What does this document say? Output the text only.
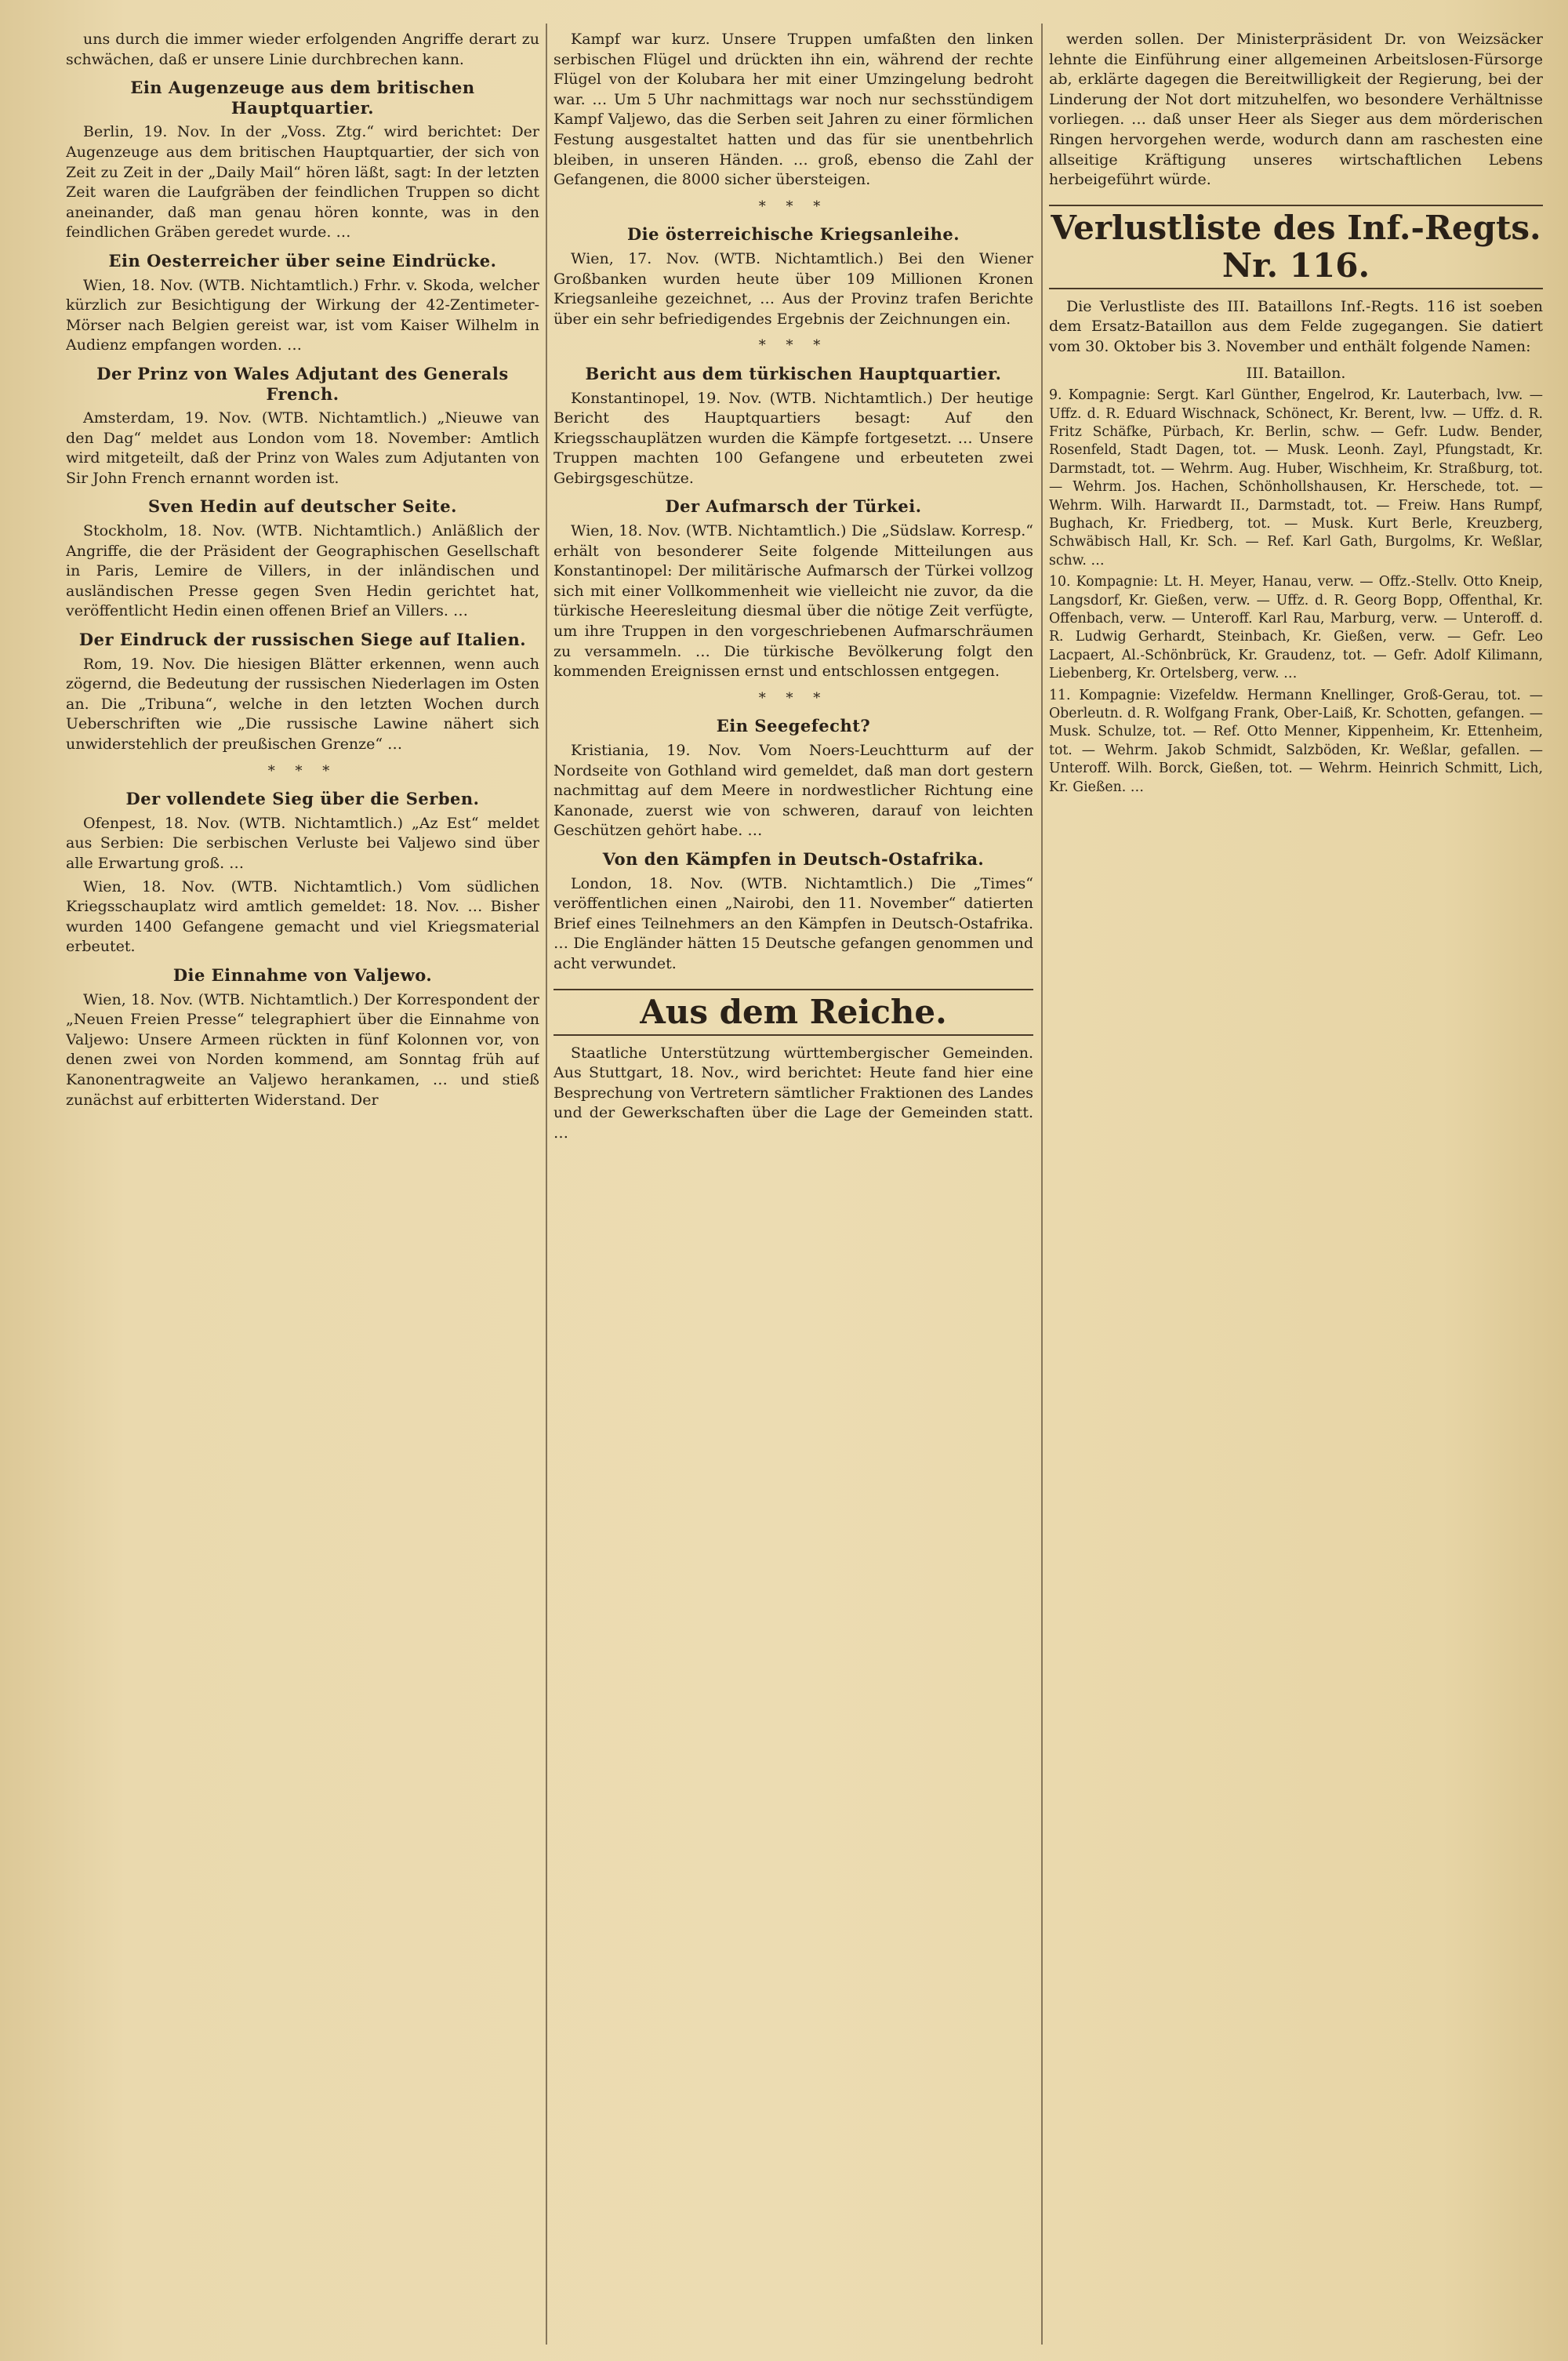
uns durch die immer wieder erfolgenden Angriffe derart zu schwächen, daß er unsere Linie durchbrechen kann.

Ein Augenzeuge aus dem britischen Hauptquartier.

Berlin, 19. Nov. In der „Voss. Ztg.“ wird berichtet: Der Augenzeuge aus dem britischen Hauptquartier, der sich von Zeit zu Zeit in der „Daily Mail“ hören läßt, sagt: In der letzten Zeit waren die Laufgräben der feindlichen Truppen so dicht aneinander, daß man genau hören konnte, was in den feindlichen Gräben geredet wurde. …

Ein Oesterreicher über seine Eindrücke.

Wien, 18. Nov. (WTB. Nichtamtlich.) Frhr. v. Skoda, welcher kürzlich zur Besichtigung der Wirkung der 42-Zentimeter-Mörser nach Belgien gereist war, ist vom Kaiser Wilhelm in Audienz empfangen worden. …

Der Prinz von Wales Adjutant des Generals French.

Amsterdam, 19. Nov. (WTB. Nichtamtlich.) „Nieuwe van den Dag“ meldet aus London vom 18. November: Amtlich wird mitgeteilt, daß der Prinz von Wales zum Adjutanten von Sir John French ernannt worden ist.

Sven Hedin auf deutscher Seite.

Stockholm, 18. Nov. (WTB. Nichtamtlich.) Anläßlich der Angriffe, die der Präsident der Geographischen Gesellschaft in Paris, Lemire de Villers, in der inländischen und ausländischen Presse gegen Sven Hedin gerichtet hat, veröffentlicht Hedin einen offenen Brief an Villers. …

Der Eindruck der russischen Siege auf Italien.

Rom, 19. Nov. Die hiesigen Blätter erkennen, wenn auch zögernd, die Bedeutung der russischen Niederlagen im Osten an. Die „Tribuna“, welche in den letzten Wochen durch Ueberschriften wie „Die russische Lawine nähert sich unwiderstehlich der preußischen Grenze“ …

* * *
Der vollendete Sieg über die Serben.

Ofenpest, 18. Nov. (WTB. Nichtamtlich.) „Az Est“ meldet aus Serbien: Die serbischen Verluste bei Valjewo sind über alle Erwartung groß. …

Wien, 18. Nov. (WTB. Nichtamtlich.) Vom südlichen Kriegsschauplatz wird amtlich gemeldet: 18. Nov. … Bisher wurden 1400 Gefangene gemacht und viel Kriegsmaterial erbeutet.

Die Einnahme von Valjewo.

Wien, 18. Nov. (WTB. Nichtamtlich.) Der Korrespondent der „Neuen Freien Presse“ telegraphiert über die Einnahme von Valjewo: Unsere Armeen rückten in fünf Kolonnen vor, von denen zwei von Norden kommend, am Sonntag früh auf Kanonentragweite an Valjewo herankamen, … und stieß zunächst auf erbitterten Widerstand. Der

Kampf war kurz. Unsere Truppen umfaßten den linken serbischen Flügel und drückten ihn ein, während der rechte Flügel von der Kolubara her mit einer Umzingelung bedroht war. … Um 5 Uhr nachmittags war noch nur sechsstündigem Kampf Valjewo, das die Serben seit Jahren zu einer förmlichen Festung ausgestaltet hatten und das für sie unentbehrlich bleiben, in unseren Händen. … groß, ebenso die Zahl der Gefangenen, die 8000 sicher übersteigen.

* * *
Die österreichische Kriegsanleihe.

Wien, 17. Nov. (WTB. Nichtamtlich.) Bei den Wiener Großbanken wurden heute über 109 Millionen Kronen Kriegsanleihe gezeichnet, … Aus der Provinz trafen Berichte über ein sehr befriedigendes Ergebnis der Zeichnungen ein.

* * *
Bericht aus dem türkischen Hauptquartier.

Konstantinopel, 19. Nov. (WTB. Nichtamtlich.) Der heutige Bericht des Hauptquartiers besagt: Auf den Kriegsschauplätzen wurden die Kämpfe fortgesetzt. … Unsere Truppen machten 100 Gefangene und erbeuteten zwei Gebirgsgeschütze.

Der Aufmarsch der Türkei.

Wien, 18. Nov. (WTB. Nichtamtlich.) Die „Südslaw. Korresp.“ erhält von besonderer Seite folgende Mitteilungen aus Konstantinopel: Der militärische Aufmarsch der Türkei vollzog sich mit einer Vollkommenheit wie vielleicht nie zuvor, da die türkische Heeresleitung diesmal über die nötige Zeit verfügte, um ihre Truppen in den vorgeschriebenen Aufmarschräumen zu versammeln. … Die türkische Bevölkerung folgt den kommenden Ereignissen ernst und entschlossen entgegen.

* * *
Ein Seegefecht?

Kristiania, 19. Nov. Vom Noers-Leuchtturm auf der Nordseite von Gothland wird gemeldet, daß man dort gestern nachmittag auf dem Meere in nordwestlicher Richtung eine Kanonade, zuerst wie von schweren, darauf von leichten Geschützen gehört habe. …

Von den Kämpfen in Deutsch-Ostafrika.

London, 18. Nov. (WTB. Nichtamtlich.) Die „Times“ veröffentlichen einen „Nairobi, den 11. November“ datierten Brief eines Teilnehmers an den Kämpfen in Deutsch-Ostafrika. … Die Engländer hätten 15 Deutsche gefangen genommen und acht verwundet.

Aus dem Reiche.

Staatliche Unterstützung württembergischer Gemeinden. Aus Stuttgart, 18. Nov., wird berichtet: Heute fand hier eine Besprechung von Vertretern sämtlicher Fraktionen des Landes und der Gewerkschaften über die Lage der Gemeinden statt. …

werden sollen. Der Ministerpräsident Dr. von Weizsäcker lehnte die Einführung einer allgemeinen Arbeitslosen-Fürsorge ab, erklärte dagegen die Bereitwilligkeit der Regierung, bei der Linderung der Not dort mitzuhelfen, wo besondere Verhältnisse vorliegen. … daß unser Heer als Sieger aus dem mörderischen Ringen hervorgehen werde, wodurch dann am raschesten eine allseitige Kräftigung unseres wirtschaftlichen Lebens herbeigeführt würde.

Verlustliste des Inf.-Regts. Nr. 116.

Die Verlustliste des III. Bataillons Inf.-Regts. 116 ist soeben dem Ersatz-Bataillon aus dem Felde zugegangen. Sie datiert vom 30. Oktober bis 3. November und enthält folgende Namen:

III. Bataillon.

9. Kompagnie: Sergt. Karl Günther, Engelrod, Kr. Lauterbach, lvw. — Uffz. d. R. Eduard Wischnack, Schönect, Kr. Berent, lvw. — Uffz. d. R. Fritz Schäfke, Pürbach, Kr. Berlin, schw. — Gefr. Ludw. Bender, Rosenfeld, Stadt Dagen, tot. — Musk. Leonh. Zayl, Pfungstadt, Kr. Darmstadt, tot. — Wehrm. Aug. Huber, Wischheim, Kr. Straßburg, tot. — Wehrm. Jos. Hachen, Schönhollshausen, Kr. Herschede, tot. — Wehrm. Wilh. Harwardt II., Darmstadt, tot. — Freiw. Hans Rumpf, Bughach, Kr. Friedberg, tot. — Musk. Kurt Berle, Kreuzberg, Schwäbisch Hall, Kr. Sch. — Ref. Karl Gath, Burgolms, Kr. Weßlar, schw. …

10. Kompagnie: Lt. H. Meyer, Hanau, verw. — Offz.-Stellv. Otto Kneip, Langsdorf, Kr. Gießen, verw. — Uffz. d. R. Georg Bopp, Offenthal, Kr. Offenbach, verw. — Unteroff. Karl Rau, Marburg, verw. — Unteroff. d. R. Ludwig Gerhardt, Steinbach, Kr. Gießen, verw. — Gefr. Leo Lacpaert, Al.-Schönbrück, Kr. Graudenz, tot. — Gefr. Adolf Kilimann, Liebenberg, Kr. Ortelsberg, verw. …

11. Kompagnie: Vizefeldw. Hermann Knellinger, Groß-Gerau, tot. — Oberleutn. d. R. Wolfgang Frank, Ober-Laiß, Kr. Schotten, gefangen. — Musk. Schulze, tot. — Ref. Otto Menner, Kippenheim, Kr. Ettenheim, tot. — Wehrm. Jakob Schmidt, Salzböden, Kr. Weßlar, gefallen. — Unteroff. Wilh. Borck, Gießen, tot. — Wehrm. Heinrich Schmitt, Lich, Kr. Gießen. …
